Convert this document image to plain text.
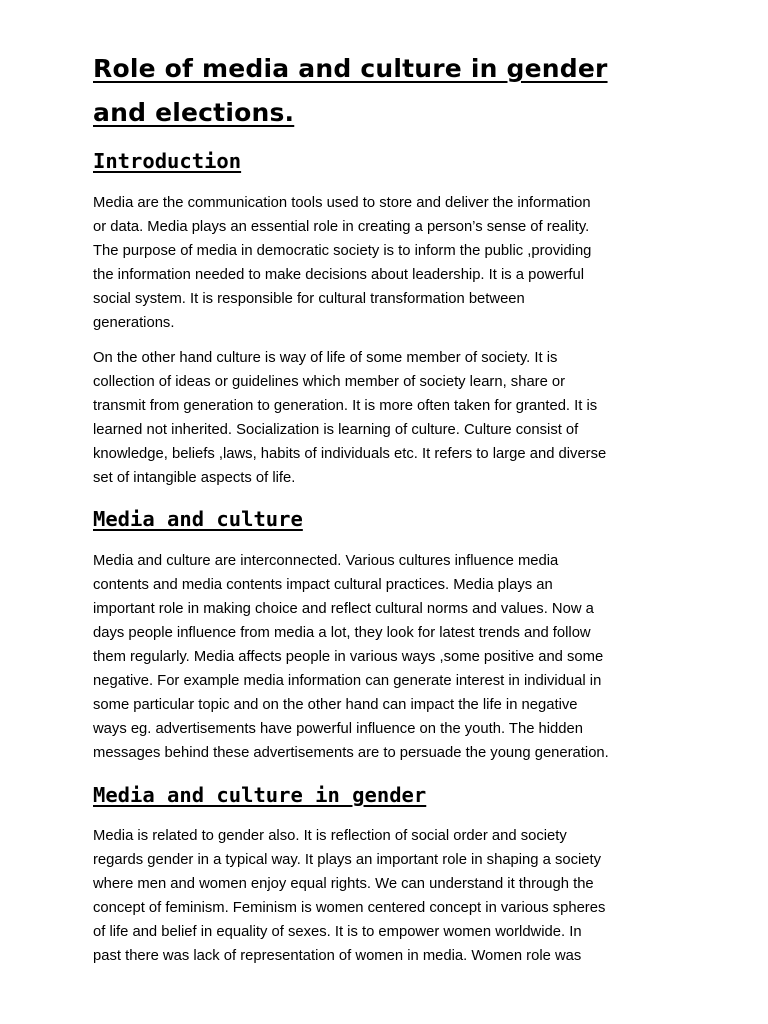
Role of media and culture in gender
and elections.
Introduction

Media are the communication tools used to store and deliver the information
or data. Media plays an essential role in creating a person’s sense of reality.
The purpose of media in democratic society is to inform the public ,providing
the information needed to make decisions about leadership. It is a powerful
social system. It is responsible for cultural transformation between
generations.

On the other hand culture is way of life of some member of society. It is
collection of ideas or guidelines which member of society learn, share or
transmit from generation to generation. It is more often taken for granted. It is
learned not inherited. Socialization is learning of culture. Culture consist of
knowledge, beliefs ,laws, habits of individuals etc. It refers to large and diverse
set of intangible aspects of life.

Media and culture

Media and culture are interconnected. Various cultures influence media
contents and media contents impact cultural practices. Media plays an
important role in making choice and reflect cultural norms and values. Now a
days people influence from media a lot, they look for latest trends and follow
them regularly. Media affects people in various ways ,some positive and some
negative. For example media information can generate interest in individual in
some particular topic and on the other hand can impact the life in negative
ways eg. advertisements have powerful influence on the youth. The hidden
messages behind these advertisements are to persuade the young generation.

Media and culture in gender

Media is related to gender also. It is reflection of social order and society
regards gender in a typical way. It plays an important role in shaping a society
where men and women enjoy equal rights. We can understand it through the
concept of feminism. Feminism is women centered concept in various spheres
of life and belief in equality of sexes. It is to empower women worldwide. In
past there was lack of representation of women in media. Women role was
